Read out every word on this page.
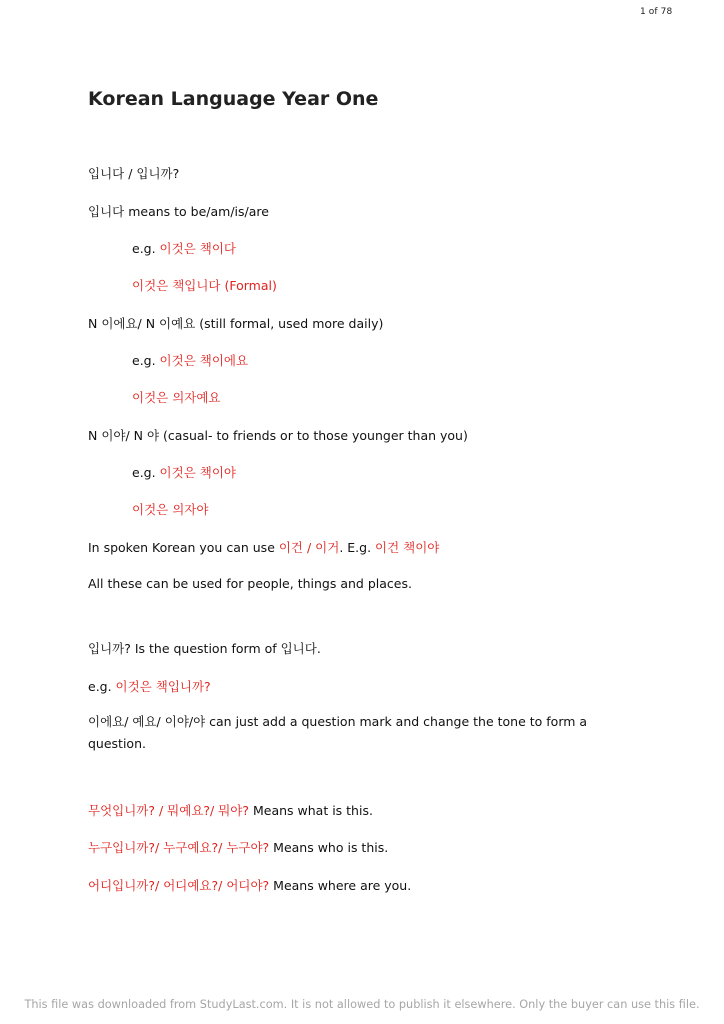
1 of 78
Korean Language Year One
입니다 / 입니까?
입니다 means to be/am/is/are
e.g. 이것은 책이다
이것은 책입니다 (Formal)
N 이에요/ N 이예요 (still formal, used more daily)
e.g. 이것은 책이에요
이것은 의자예요
N 이야/ N 야 (casual- to friends or to those younger than you)
e.g. 이것은 책이야
이것은 의자야
In spoken Korean you can use 이건 / 이거. E.g. 이건 책이야
All these can be used for people, things and places.
입니까? Is the question form of 입니다.
e.g. 이것은 책입니까?
이에요/ 예요/ 이야/야 can just add a question mark and change the tone to form a question.
무엇입니까? / 뭐예요?/ 뭐야? Means what is this.
누구입니까?/ 누구예요?/ 누구야? Means who is this.
어디입니까?/ 어디예요?/ 어디야? Means where are you.
This file was downloaded from StudyLast.com. It is not allowed to publish it elsewhere. Only the buyer can use this file.
